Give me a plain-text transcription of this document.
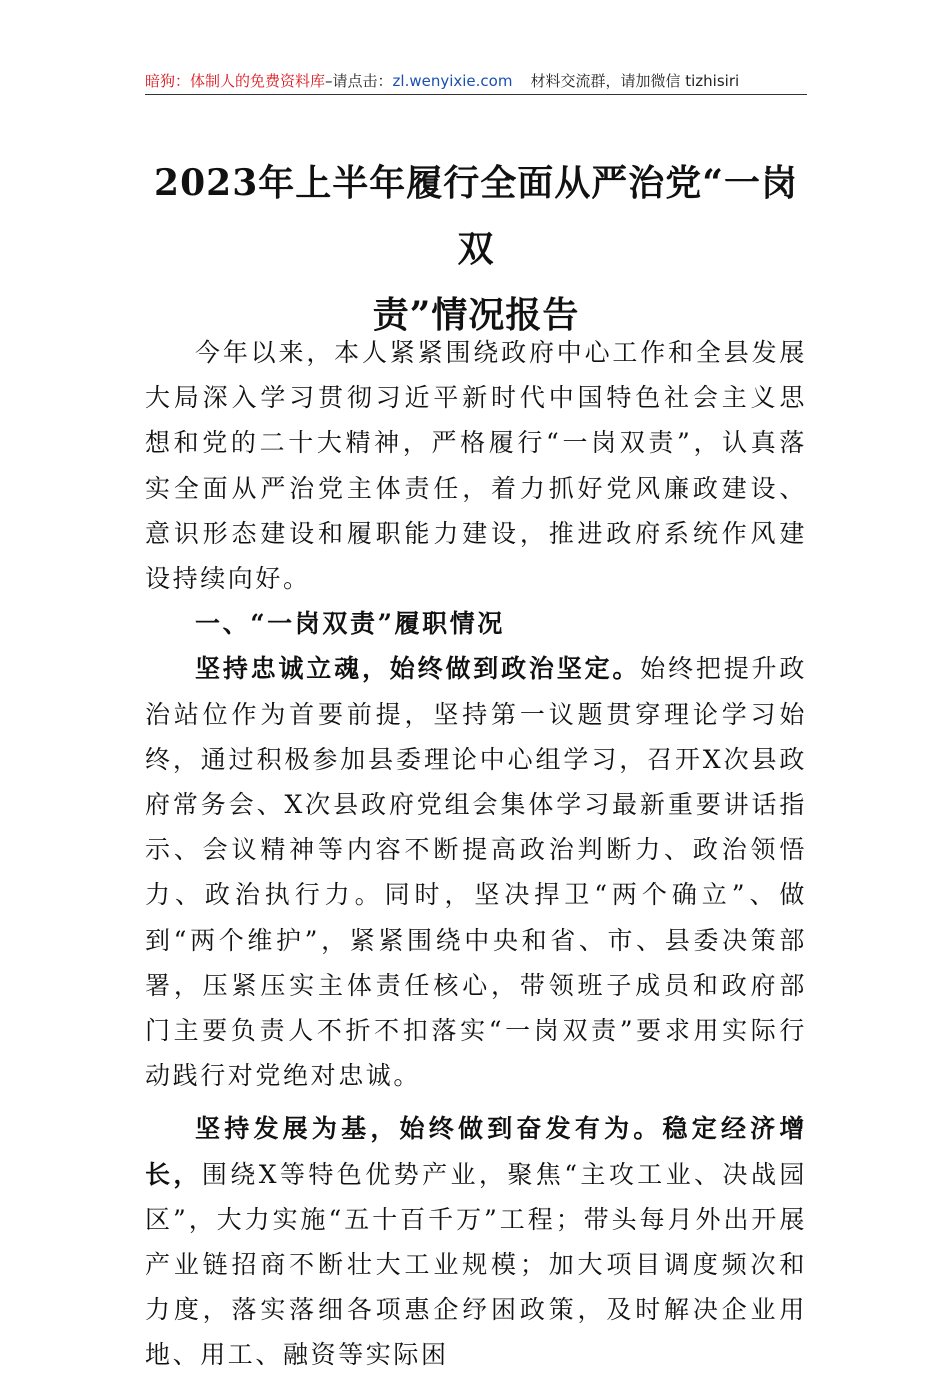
暗狗：体制人的免费资料库–请点击：zl.wenyixie.com 材料交流群，请加微信 tizhisiri
2023年上半年履行全面从严治党“一岗双
责”情况报告

今年以来，本人紧紧围绕政府中心工作和全县发展大局深入学习贯彻习近平新时代中国特色社会主义思想和党的二十大精神，严格履行“一岗双责”，认真落实全面从严治党主体责任，着力抓好党风廉政建设、意识形态建设和履职能力建设，推进政府系统作风建设持续向好。

一、“一岗双责”履职情况

坚持忠诚立魂，始终做到政治坚定。始终把提升政治站位作为首要前提，坚持第一议题贯穿理论学习始终，通过积极参加县委理论中心组学习，召开X次县政府常务会、X次县政府党组会集体学习最新重要讲话指示、会议精神等内容不断提高政治判断力、政治领悟力、政治执行力。同时，坚决捍卫“两个确立”、做到“两个维护”，紧紧围绕中央和省、市、县委决策部署，压紧压实主体责任核心，带领班子成员和政府部门主要负责人不折不扣落实“一岗双责”要求用实际行动践行对党绝对忠诚。

坚持发展为基，始终做到奋发有为。稳定经济增长，围绕X等特色优势产业，聚焦“主攻工业、决战园区”，大力实施“五十百千万”工程；带头每月外出开展产业链招商不断壮大工业规模；加大项目调度频次和力度，落实落细各项惠企纾困政策，及时解决企业用地、用工、融资等实际困
